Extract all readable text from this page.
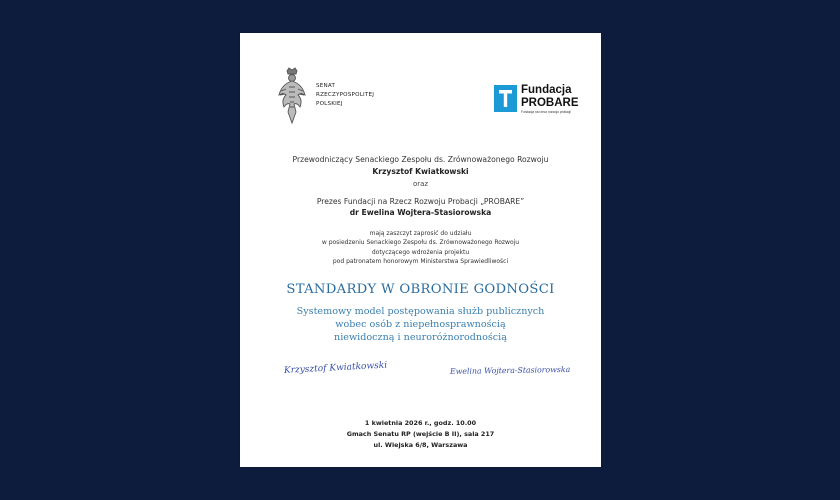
SENAT
RZECZYPOSPOLITEJ
POLSKIEJ
Fundacja
PROBARE
Fundacja na rzecz rozwoju probacji
Przewodniczący Senackiego Zespołu ds. Zrównoważonego Rozwoju
Krzysztof Kwiatkowski
oraz
Prezes Fundacji na Rzecz Rozwoju Probacji „PROBARE”
dr Ewelina Wojtera-Stasiorowska
mają zaszczyt zaprosić do udziału
w posiedzeniu Senackiego Zespołu ds. Zrównoważonego Rozwoju
dotyczącego wdrożenia projektu
pod patronatem honorowym Ministerstwa Sprawiedliwości
STANDARDY W OBRONIE GODNOŚCI
Systemowy model postępowania służb publicznych
wobec osób z niepełnosprawnością
niewidoczną i neuroróżnorodnością
Krzysztof Kwiatkowski	Ewelina Wojtera-Stasiorowska
1 kwietnia 2026 r., godz. 10.00
Gmach Senatu RP (wejście B II), sala 217
ul. Wiejska 6/8, Warszawa
